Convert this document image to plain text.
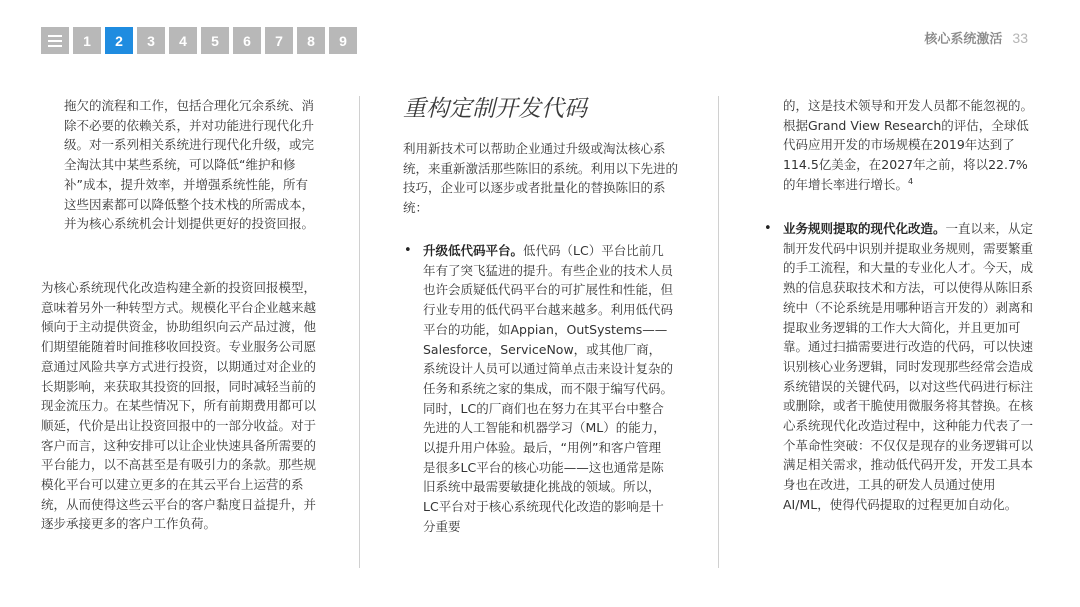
1	2	3	4	5	6	7	8	9	核心系统激活 33

拖欠的流程和工作，包括合理化冗余系统、消除不必要的依赖关系，并对功能进行现代化升级。对一系列相关系统进行现代化升级，或完全淘汰其中某些系统，可以降低“维护和修补”成本，提升效率，并增强系统性能，所有这些因素都可以降低整个技术栈的所需成本，并为核心系统机会计划提供更好的投资回报。

为核心系统现代化改造构建全新的投资回报模型，意味着另外一种转型方式。规模化平台企业越来越倾向于主动提供资金，协助组织向云产品过渡，他们期望能随着时间推移收回投资。专业服务公司愿意通过风险共享方式进行投资，以期通过对企业的长期影响，来获取其投资的回报，同时减轻当前的现金流压力。在某些情况下，所有前期费用都可以顺延，代价是出让投资回报中的一部分收益。对于客户而言，这种安排可以让企业快速具备所需要的平台能力，以不高甚至是有吸引力的条款。那些规模化平台可以建立更多的在其云平台上运营的系统，从而使得这些云平台的客户黏度日益提升，并逐步承接更多的客户工作负荷。

重构定制开发代码

利用新技术可以帮助企业通过升级或淘汰核心系统，来重新激活那些陈旧的系统。利用以下先进的技巧，企业可以逐步或者批量化的替换陈旧的系统：

• 升级低代码平台。低代码（LC）平台比前几年有了突飞猛进的提升。有些企业的技术人员也许会质疑低代码平台的可扩展性和性能，但行业专用的低代码平台越来越多。利用低代码平台的功能，如Appian，OutSystems——Salesforce，ServiceNow，或其他厂商，系统设计人员可以通过简单点击来设计复杂的任务和系统之家的集成，而不限于编写代码。同时，LC的厂商们也在努力在其平台中整合先进的人工智能和机器学习（ML）的能力，以提升用户体验。最后，“用例”和客户管理是很多LC平台的核心功能——这也通常是陈旧系统中最需要敏捷化挑战的领域。所以，LC平台对于核心系统现代化改造的影响是十分重要

的，这是技术领导和开发人员都不能忽视的。根据Grand View Research的评估，全球低代码应用开发的市场规模在2019年达到了114.5亿美金，在2027年之前，将以22.7%的年增长率进行增长。$^4$

• 业务规则提取的现代化改造。一直以来，从定制开发代码中识别并提取业务规则，需要繁重的手工流程，和大量的专业化人才。今天，成熟的信息获取技术和方法，可以使得从陈旧系统中（不论系统是用哪种语言开发的）剥离和提取业务逻辑的工作大大简化，并且更加可靠。通过扫描需要进行改造的代码，可以快速识别核心业务逻辑，同时发现那些经常会造成系统错误的关键代码，以对这些代码进行标注或删除，或者干脆使用微服务将其替换。在核心系统现代化改造过程中，这种能力代表了一个革命性突破：不仅仅是现存的业务逻辑可以满足相关需求，推动低代码开发，开发工具本身也在改进，工具的研发人员通过使用AI/ML，使得代码提取的过程更加自动化。
